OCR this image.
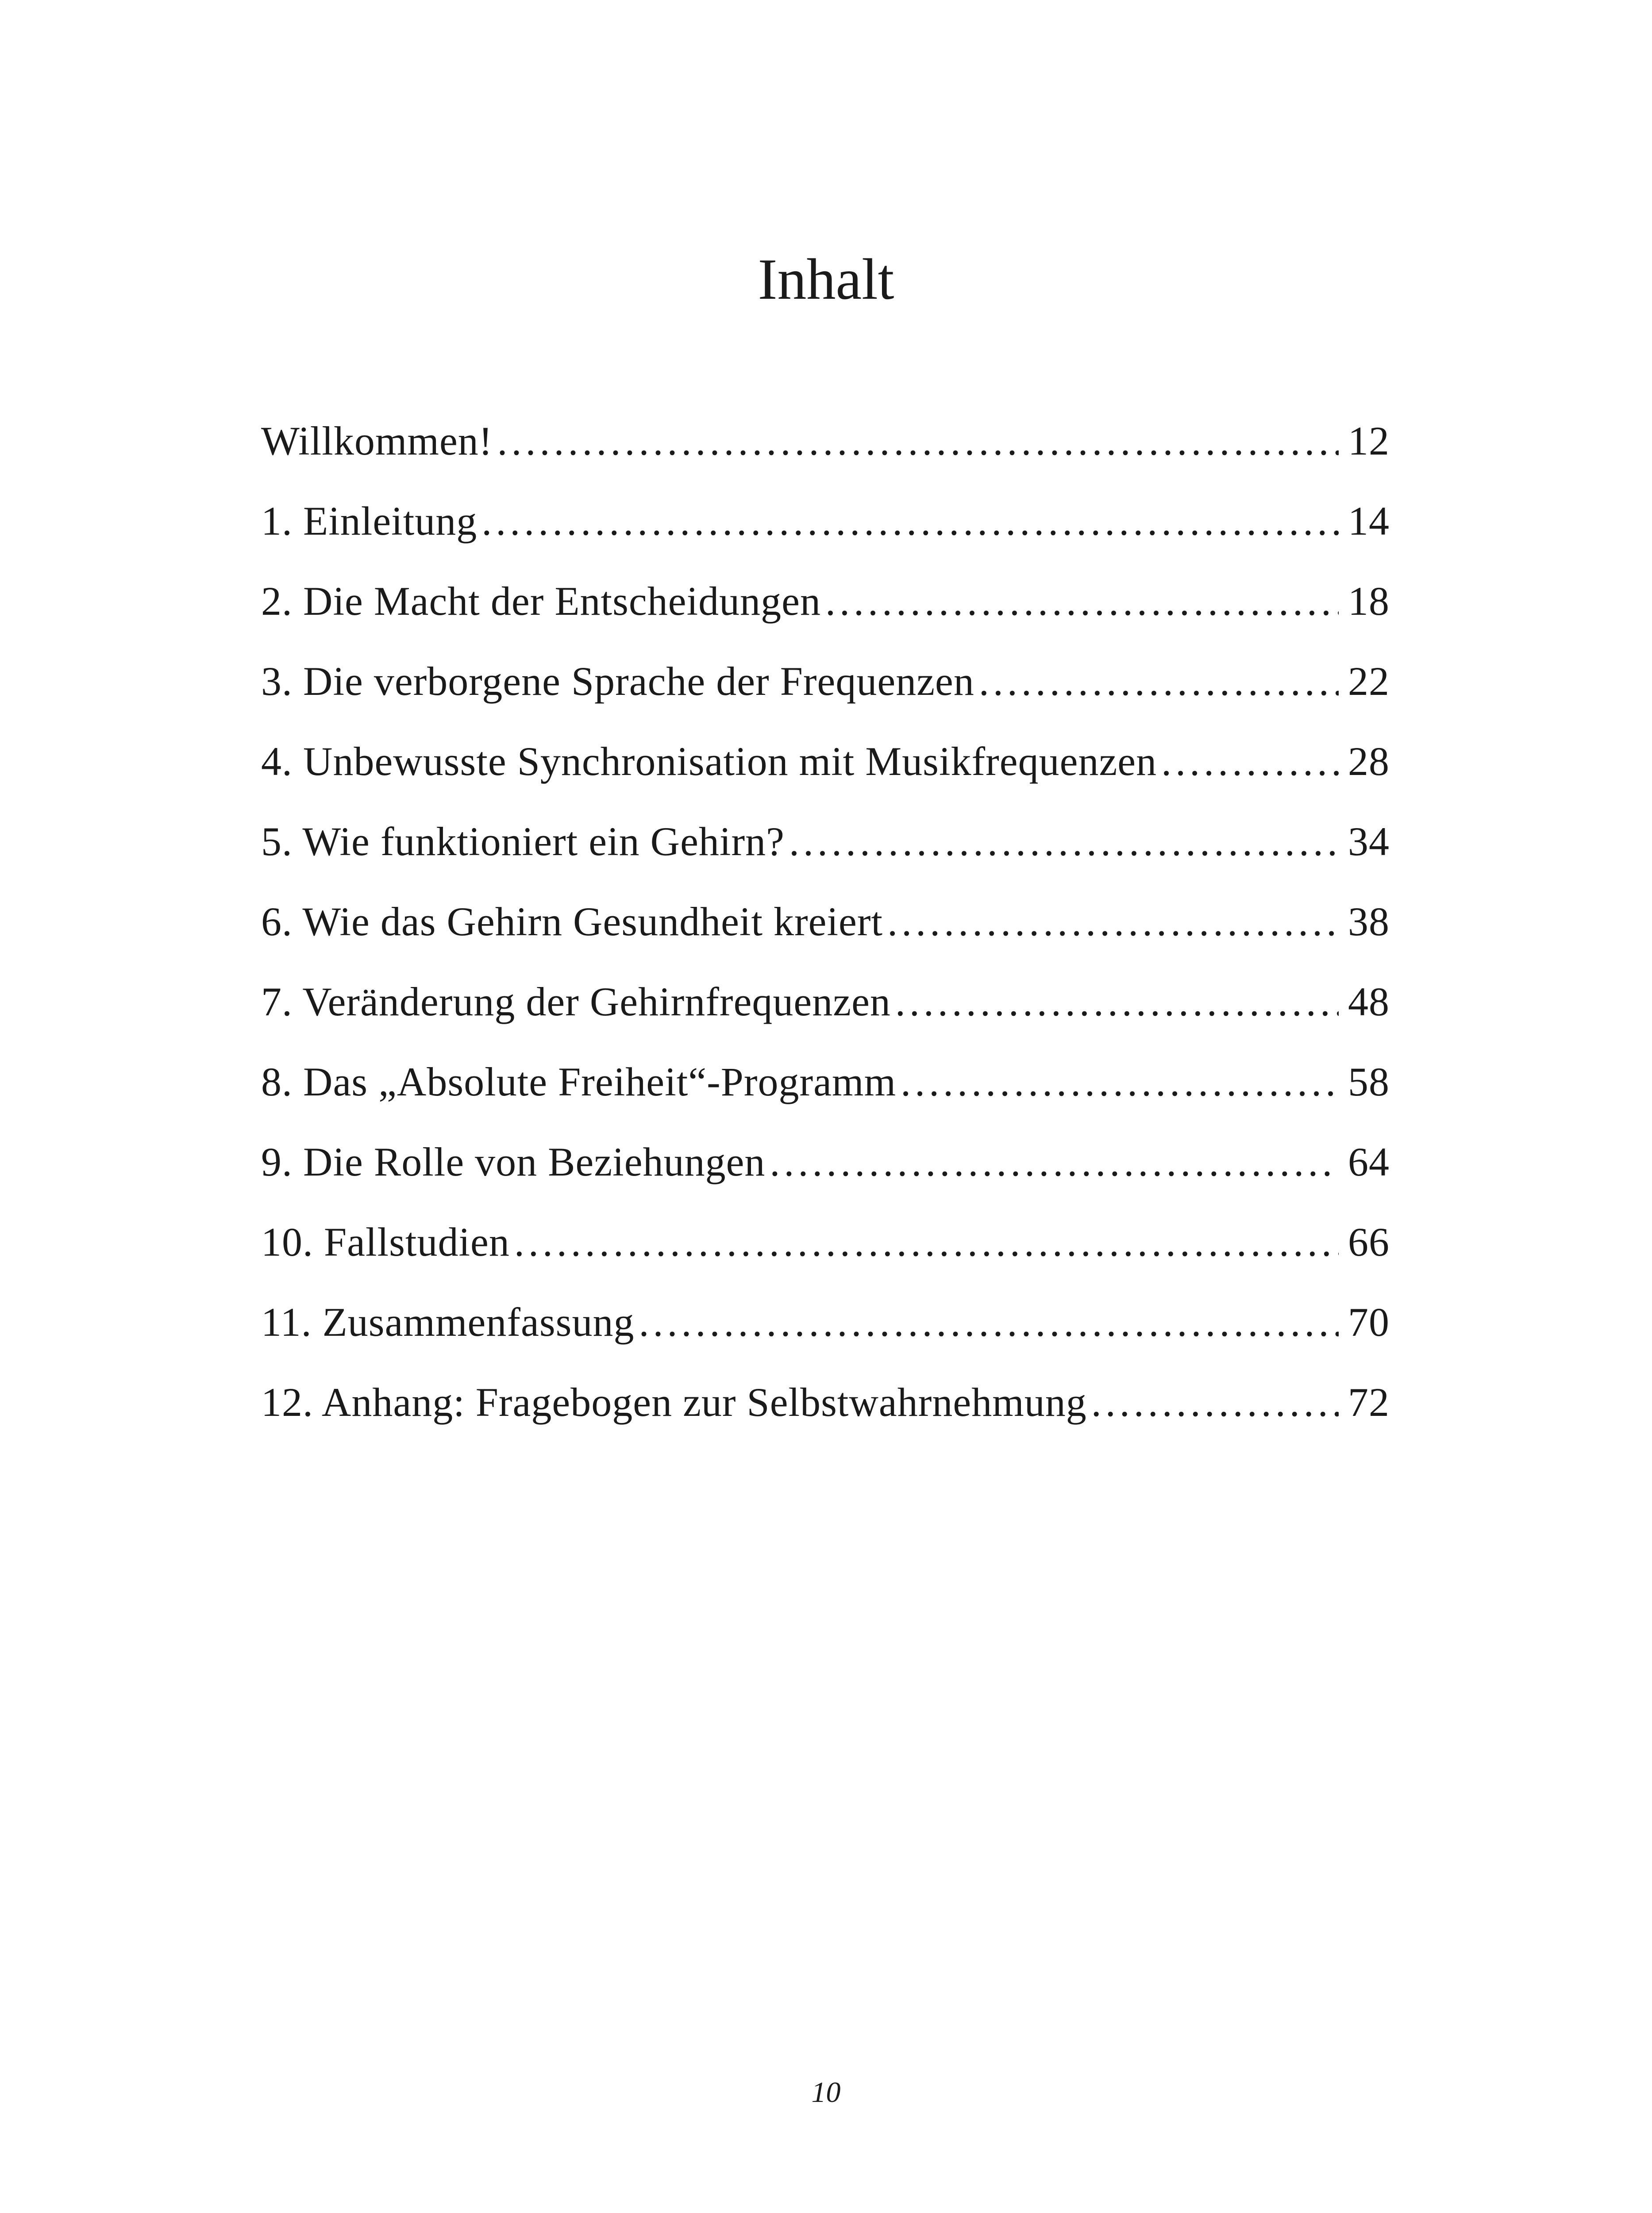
Inhalt
Willkommen! .....	12
1. Einleitung .....	14
2. Die Macht der Entscheidungen .....	18
3. Die verborgene Sprache der Frequenzen .....	22
4. Unbewusste Synchronisation mit Musikfrequenzen .....	28
5. Wie funktioniert ein Gehirn? .....	34
6. Wie das Gehirn Gesundheit kreiert .....	38
7. Veränderung der Gehirnfrequenzen .....	48
8. Das „Absolute Freiheit“-Programm .....	58
9. Die Rolle von Beziehungen .....	64
10. Fallstudien .....	66
11. Zusammenfassung .....	70
12. Anhang: Fragebogen zur Selbstwahrnehmung .....	72
10
